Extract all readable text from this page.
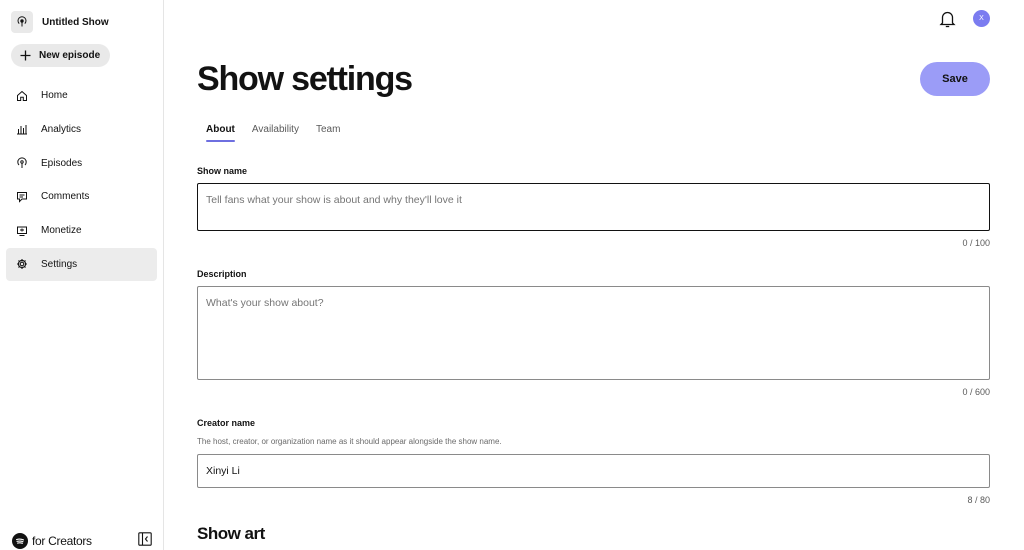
Untitled Show
New episode
Home
Analytics
Episodes
Comments
Monetize
Settings
for Creators
X
Show settings	Save
About Availability Team
Show name
Tell fans what your show is about and why they'll love it
0 / 100
Description
What's your show about?
0 / 600
Creator name
The host, creator, or organization name as it should appear alongside the show name.
Xinyi Li
8 / 80
Show art
